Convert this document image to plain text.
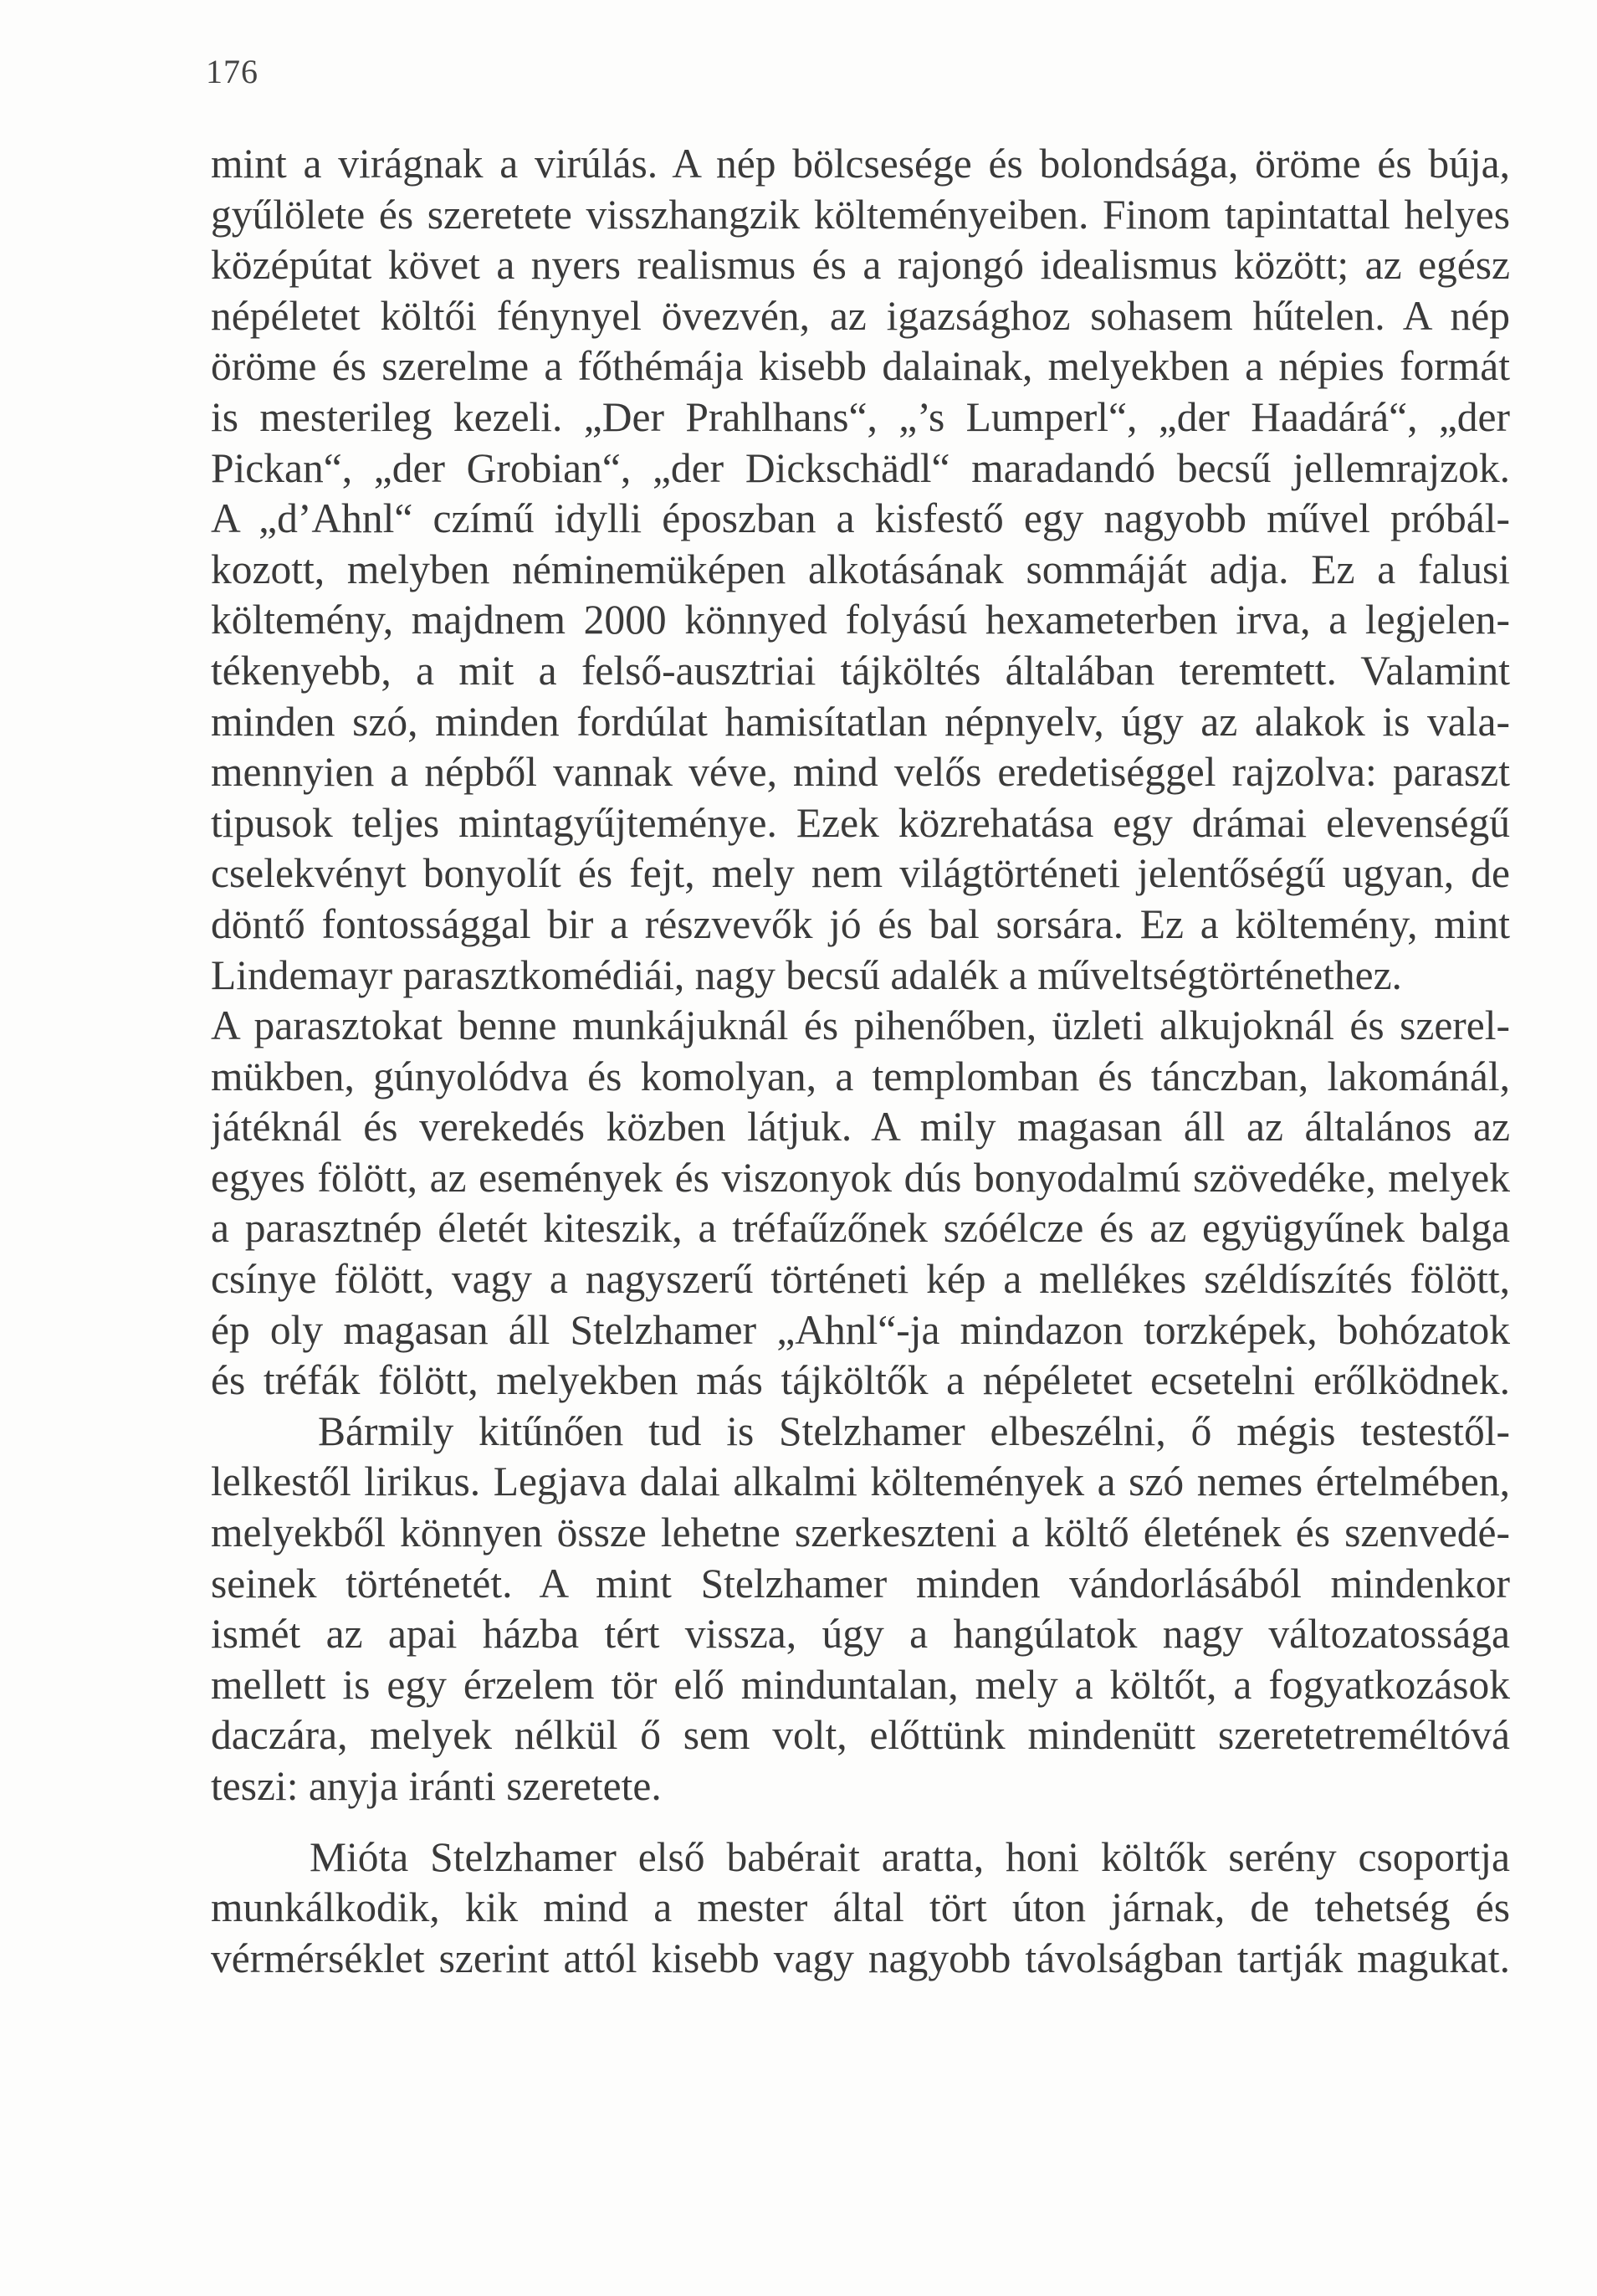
176
mint a virágnak a virúlás. A nép bölcsesége és bolondsága, öröme és búja,
gyűlölete és szeretete visszhangzik költeményeiben. Finom tapintattal helyes
középútat követ a nyers realismus és a rajongó idealismus között; az egész
népéletet költői fénynyel övezvén, az igazsághoz sohasem hűtelen. A nép
öröme és szerelme a főthémája kisebb dalainak, melyekben a népies formát
is mesterileg kezeli. „Der Prahlhans“, „’s Lumperl“, „der Haadárá“, „der
Pickan“, „der Grobian“, „der Dickschädl“ maradandó becsű jellemrajzok.
A „d’Ahnl“ czímű idylli époszban a kisfestő egy nagyobb művel próbál-
kozott, melyben néminemüképen alkotásának sommáját adja. Ez a falusi
költemény, majdnem 2000 könnyed folyású hexameterben irva, a legjelen-
tékenyebb, a mit a felső-ausztriai tájköltés általában teremtett. Valamint
minden szó, minden fordúlat hamisítatlan népnyelv, úgy az alakok is vala-
mennyien a népből vannak véve, mind velős eredetiséggel rajzolva: paraszt
tipusok teljes mintagyűjteménye. Ezek közrehatása egy drámai elevenségű
cselekvényt bonyolít és fejt, mely nem világtörténeti jelentőségű ugyan, de
döntő fontossággal bir a részvevők jó és bal sorsára. Ez a költemény, mint
Lindemayr parasztkomédiái, nagy becsű adalék a műveltségtörténethez.
A parasztokat benne munkájuknál és pihenőben, üzleti alkujoknál és szerel-
mükben, gúnyolódva és komolyan, a templomban és tánczban, lakománál,
játéknál és verekedés közben látjuk. A mily magasan áll az általános az
egyes fölött, az események és viszonyok dús bonyodalmú szövedéke, melyek
a parasztnép életét kiteszik, a tréfaűzőnek szóélcze és az együgyűnek balga
csínye fölött, vagy a nagyszerű történeti kép a mellékes széldíszítés fölött,
ép oly magasan áll Stelzhamer „Ahnl“-ja mindazon torzképek, bohózatok
és tréfák fölött, melyekben más tájköltők a népéletet ecsetelni erőlködnek.
Bármily kitűnően tud is Stelzhamer elbeszélni, ő mégis testestől-
lelkestől lirikus. Legjava dalai alkalmi költemények a szó nemes értelmében,
melyekből könnyen össze lehetne szerkeszteni a költő életének és szenvedé-
seinek történetét. A mint Stelzhamer minden vándorlásából mindenkor
ismét az apai házba tért vissza, úgy a hangúlatok nagy változatossága
mellett is egy érzelem tör elő minduntalan, mely a költőt, a fogyatkozások
daczára, melyek nélkül ő sem volt, előttünk mindenütt szeretetreméltóvá
teszi: anyja iránti szeretete.
Mióta Stelzhamer első babérait aratta, honi költők serény csoportja
munkálkodik, kik mind a mester által tört úton járnak, de tehetség és
vérmérséklet szerint attól kisebb vagy nagyobb távolságban tartják magukat.
